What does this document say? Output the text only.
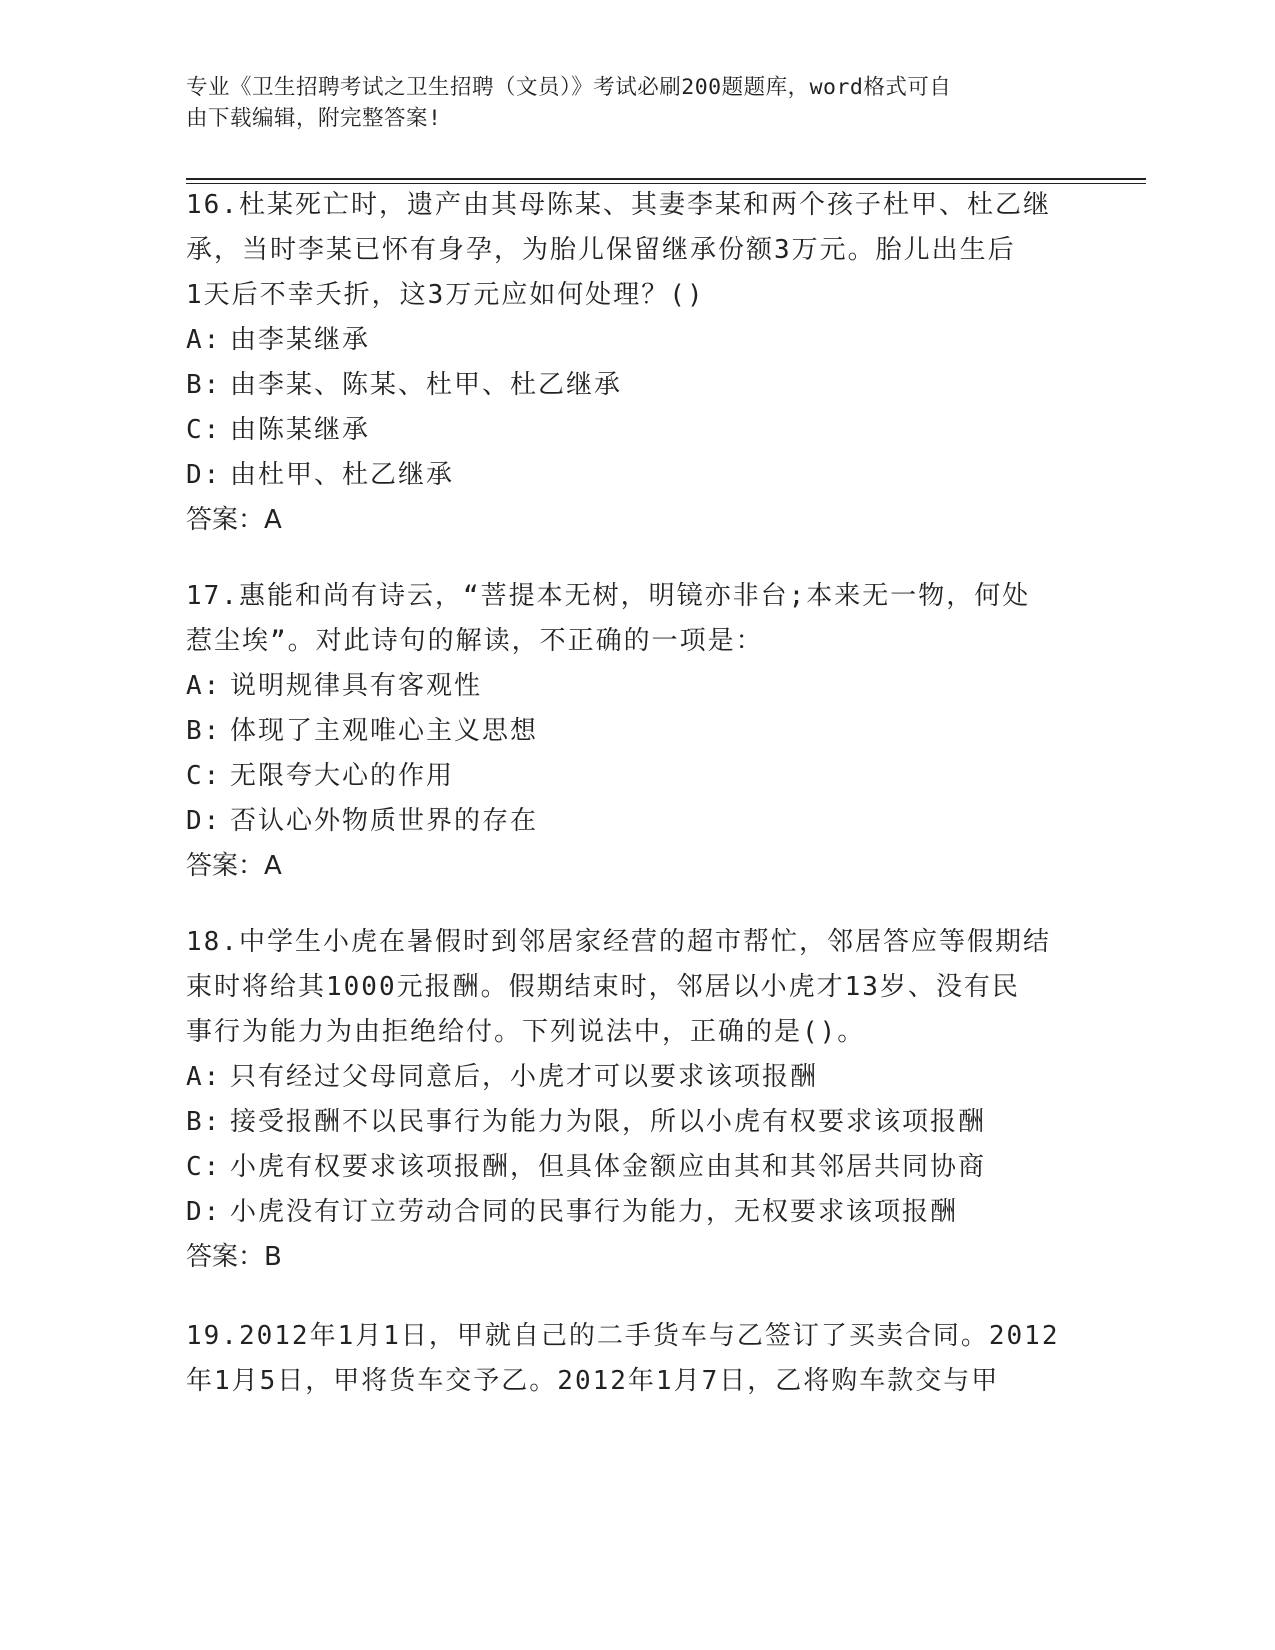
专业《卫生招聘考试之卫生招聘（文员）》考试必刷200题题库，word格式可自
由下载编辑，附完整答案!

16.杜某死亡时，遗产由其母陈某、其妻李某和两个孩子杜甲、杜乙继

承，当时李某已怀有身孕，为胎儿保留继承份额3万元。胎儿出生后

1天后不幸夭折，这3万元应如何处理？()

A: 由李某继承
B: 由李某、陈某、杜甲、杜乙继承
C: 由陈某继承
D: 由杜甲、杜乙继承

答案：A

17.惠能和尚有诗云，“菩提本无树，明镜亦非台;本来无一物，何处

惹尘埃”。对此诗句的解读，不正确的一项是：

A: 说明规律具有客观性
B: 体现了主观唯心主义思想
C: 无限夸大心的作用
D: 否认心外物质世界的存在

答案：A

18.中学生小虎在暑假时到邻居家经营的超市帮忙，邻居答应等假期结

束时将给其1000元报酬。假期结束时，邻居以小虎才13岁、没有民

事行为能力为由拒绝给付。下列说法中，正确的是()。

A: 只有经过父母同意后，小虎才可以要求该项报酬
B: 接受报酬不以民事行为能力为限，所以小虎有权要求该项报酬
C: 小虎有权要求该项报酬，但具体金额应由其和其邻居共同协商
D: 小虎没有订立劳动合同的民事行为能力，无权要求该项报酬

答案：B

19.2012年1月1日，甲就自己的二手货车与乙签订了买卖合同。2012

年1月5日，甲将货车交予乙。2012年1月7日，乙将购车款交与甲
